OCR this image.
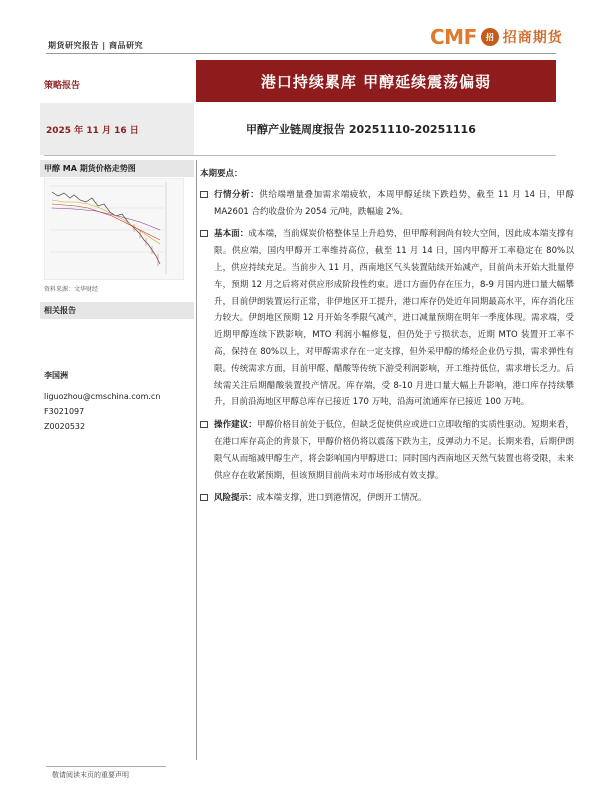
期货研究报告 | 商品研究	CMF	招 招商期货
策略报告	港口持续累库 甲醇延续震荡偏弱
2025 年 11 月 16 日	甲醇产业链周度报告 20251110-20251116
甲醇 MA 期货价格走势图
资料来源：文华财经
相关报告
李国洲
liguozhou@cmschina.com.cn
F3021097
Z0020532
本期要点：
行情分析：供给端增量叠加需求端疲软，本周甲醇延续下跌趋势，截至 11 月 14 日，甲醇 MA2601 合约收盘价为 2054 元/吨，跌幅逾 2%。
基本面：成本端，当前煤炭价格整体呈上升趋势，但甲醇利润尚有较大空间，因此成本端支撑有限。供应端，国内甲醇开工率维持高位，截至 11 月 14 日，国内甲醇开工率稳定在 80%以上，供应持续充足。当前步入 11 月，西南地区气头装置陆续开始减产，目前尚未开始大批量停车，预期 12 月之后将对供应形成阶段性约束。进口方面仍存在压力，8-9 月国内进口量大幅攀升，目前伊朗装置运行正常，非伊地区开工提升，港口库存仍处近年同期最高水平，库存消化压力较大。伊朗地区预期 12 月开始冬季限气减产，进口减量预期在明年一季度体现。需求端，受近期甲醇连续下跌影响，MTO 利润小幅修复，但仍处于亏损状态，近期 MTO 装置开工率不高，保持在 80%以上，对甲醇需求存在一定支撑，但外采甲醇的烯烃企业仍亏损，需求弹性有限。传统需求方面，目前甲醛、醋酸等传统下游受利润影响，开工维持低位，需求增长乏力。后续需关注后期醋酸装置投产情况。库存端，受 8-10 月进口量大幅上升影响，港口库存持续攀升，目前沿海地区甲醇总库存已接近 170 万吨，沿海可流通库存已接近 100 万吨。
操作建议：甲醇价格目前处于低位，但缺乏促使供应或进口立即收缩的实质性驱动。短期来看，在港口库存高企的背景下，甲醇价格仍将以震荡下跌为主，反弹动力不足。长期来看，后期伊朗限气从而缩减甲醇生产，将会影响国内甲醇进口；同时国内西南地区天然气装置也将受限，未来供应存在收紧预期，但该预期目前尚未对市场形成有效支撑。
风险提示：成本端支撑，进口到港情况，伊朗开工情况。
敬请阅读末页的重要声明
